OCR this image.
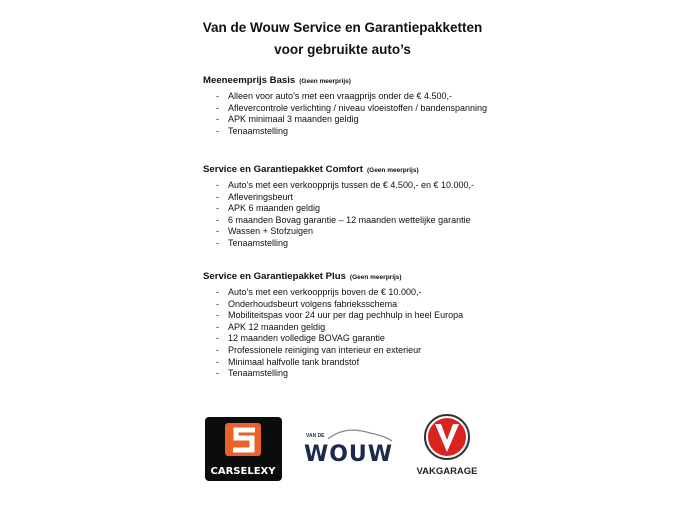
Van de Wouw Service en Garantiepakketten
voor gebruikte auto’s
Meeneemprijs Basis (Geen meerprijs)
- Alleen voor auto’s met een vraagprijs onder de € 4.500,-
- Aflevercontrole verlichting / niveau vloeistoffen / bandenspanning
- APK minimaal 3 maanden geldig
- Tenaamstelling
Service en Garantiepakket Comfort (Geen meerprijs)
- Auto’s met een verkoopprijs tussen de € 4.500,- en € 10.000,-
- Afleveringsbeurt
- APK 6 maanden geldig
- 6 maanden Bovag garantie – 12 maanden wettelijke garantie
- Wassen + Stofzuigen
- Tenaamstelling
Service en Garantiepakket Plus (Geen meerprijs)
- Auto’s met een verkoopprijs boven de € 10.000,-
- Onderhoudsbeurt volgens fabrieksschema
- Mobiliteitspas voor 24 uur per dag pechhulp in heel Europa
- APK 12 maanden geldig
- 12 maanden volledige BOVAG garantie
- Professionele reiniging van interieur en exterieur
- Minimaal halfvolle tank brandstof
- Tenaamstelling
CARSELEXY
VAN DE
WOUW
VAKGARAGE
